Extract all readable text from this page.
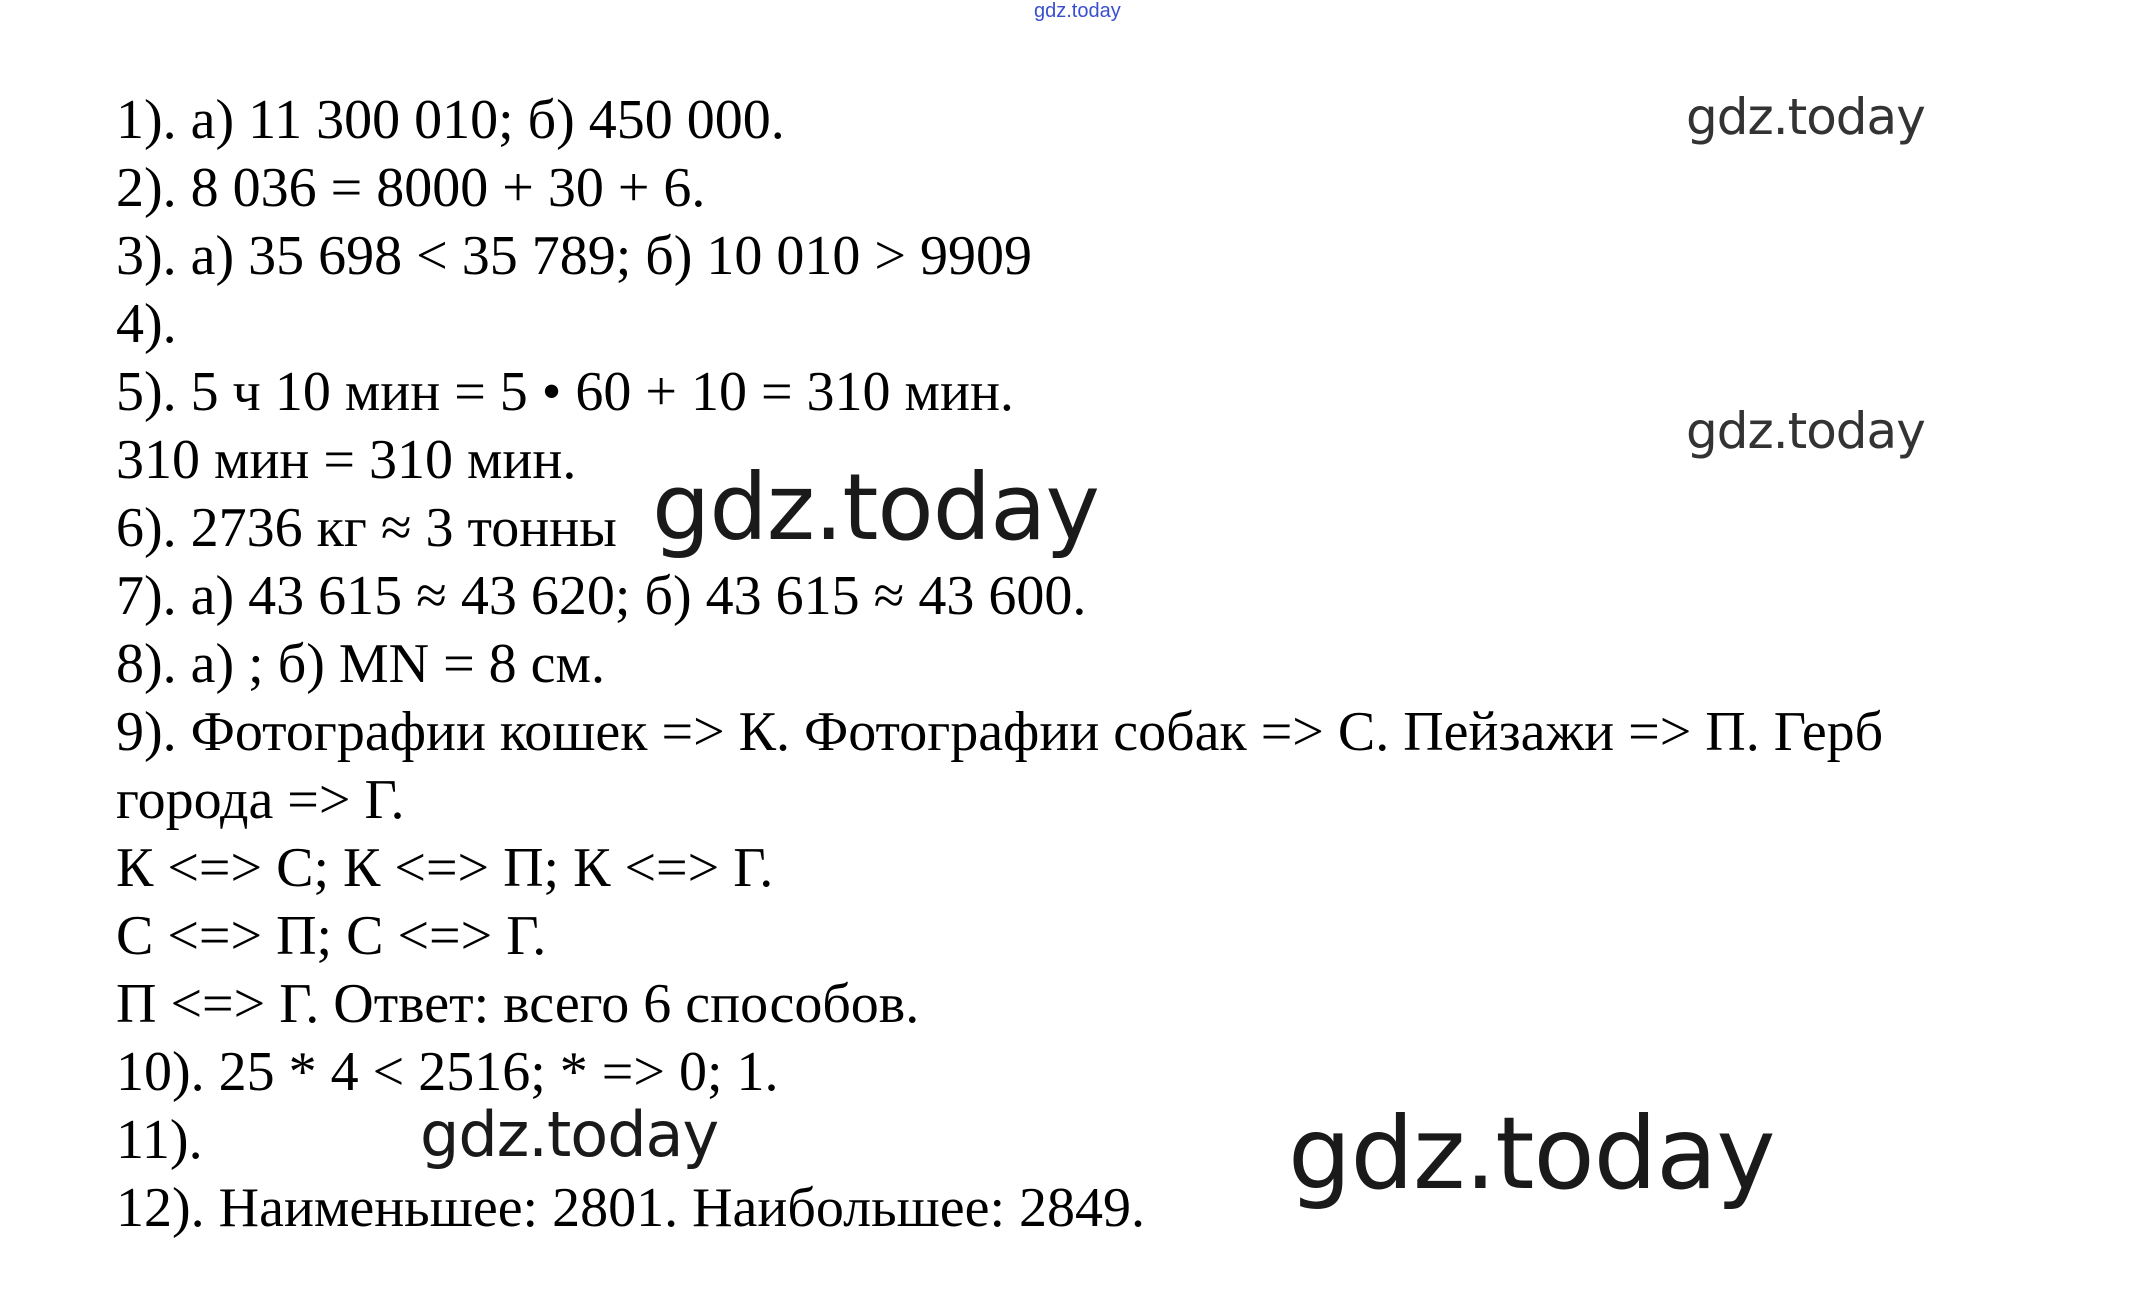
gdz.today
1). а) 11 300 010; б) 450 000.
2). 8 036 = 8000 + 30 + 6.
3). а) 35 698 < 35 789; б) 10 010 > 9909
4).
5). 5 ч 10 мин = 5 • 60 + 10 = 310 мин.
310 мин = 310 мин.
6). 2736 кг ≈ 3 тонны
7). а) 43 615 ≈ 43 620; б) 43 615 ≈ 43 600.
8). а) ; б) MN = 8 см.
9). Фотографии кошек => К. Фотографии собак => С. Пейзажи => П. Герб
города => Г.
К <=> С; К <=> П; К <=> Г.
С <=> П; С <=> Г.
П <=> Г. Ответ: всего 6 способов.
10). 25 * 4 < 2516; * => 0; 1.
11).
12). Наименьшее: 2801. Наибольшее: 2849.
gdz.today
gdz.today
gdz.today
gdz.today	gdz.today
